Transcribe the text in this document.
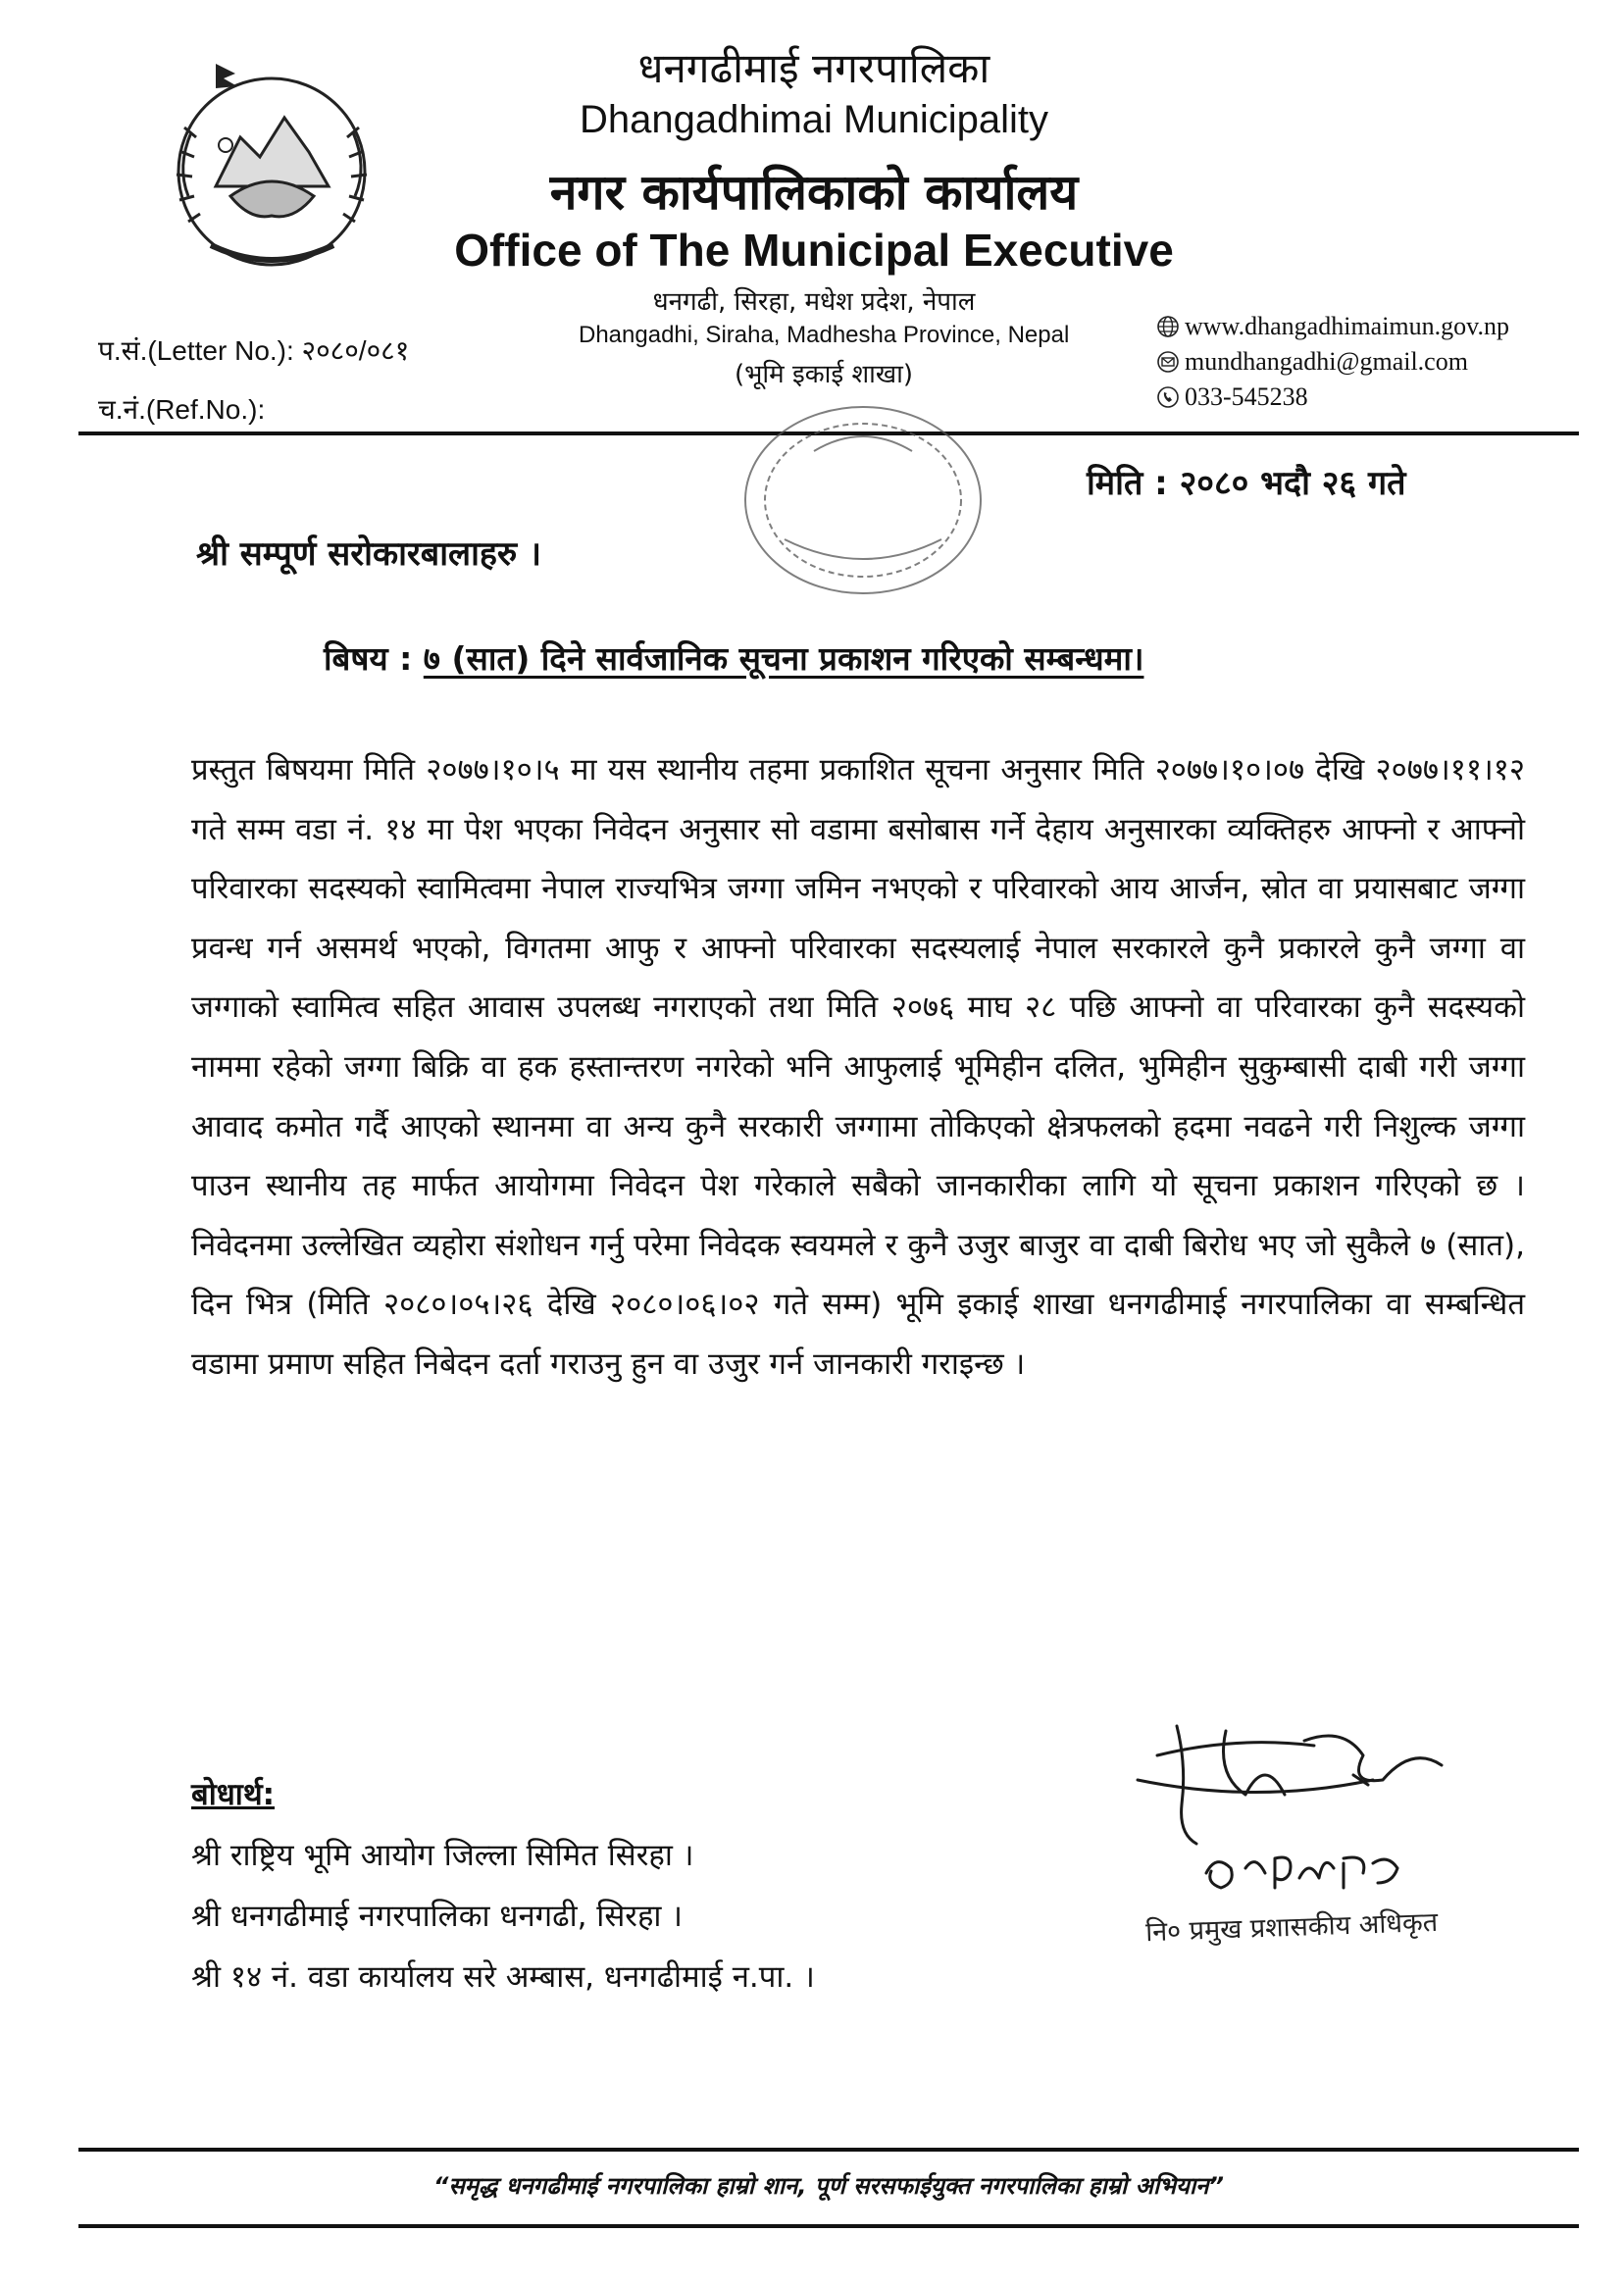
धनगढीमाई नगरपालिका
Dhangadhimai Municipality
नगर कार्यपालिकाको कार्यालय
Office of The Municipal Executive
धनगढी, सिरहा, मधेश प्रदेश, नेपाल
Dhangadhi, Siraha, Madhesha Province, Nepal
(भूमि इकाई शाखा)
प.सं.(Letter No.): २०८०/०८१
च.नं.(Ref.No.):
www.dhangadhimaimun.gov.np
mundhangadhi@gmail.com
033-545238
मिति : २०८० भदौ २६ गते
श्री सम्पूर्ण सरोकारबालाहरु ।
बिषय : ७ (सात) दिने सार्वजानिक सूचना प्रकाशन गरिएको सम्बन्धमा।
प्रस्तुत बिषयमा मिति २०७७।१०।५ मा यस स्थानीय तहमा प्रकाशित सूचना अनुसार मिति २०७७।१०।०७ देखि २०७७।११।१२ गते सम्म वडा नं. १४ मा पेश भएका निवेदन अनुसार सो वडामा बसोबास गर्ने देहाय अनुसारका व्यक्तिहरु आफ्नो र आफ्नो परिवारका सदस्यको स्वामित्वमा नेपाल राज्यभित्र जग्गा जमिन नभएको र परिवारको आय आर्जन, स्रोत वा प्रयासबाट जग्गा प्रवन्ध गर्न असमर्थ भएको, विगतमा आफु र आफ्नो परिवारका सदस्यलाई नेपाल सरकारले कुनै प्रकारले कुनै जग्गा वा जग्गाको स्वामित्व सहित आवास उपलब्ध नगराएको तथा मिति २०७६ माघ २८ पछि आफ्नो वा परिवारका कुनै सदस्यको नाममा रहेको जग्गा बिक्रि वा हक हस्तान्तरण नगरेको भनि आफुलाई भूमिहीन दलित, भुमिहीन सुकुम्बासी दाबी गरी जग्गा आवाद कमोत गर्दै आएको स्थानमा वा अन्य कुनै सरकारी जग्गामा तोकिएको क्षेत्रफलको हदमा नवढने गरी निशुल्क जग्गा पाउन स्थानीय तह मार्फत आयोगमा निवेदन पेश गरेकाले सबैको जानकारीका लागि यो सूचना प्रकाशन गरिएको छ । निवेदनमा उल्लेखित व्यहोरा संशोधन गर्नु परेमा निवेदक स्वयमले र कुनै उजुर बाजुर वा दाबी बिरोध भए जो सुकैले ७ (सात), दिन भित्र (मिति २०८०।०५।२६ देखि २०८०।०६।०२ गते सम्म) भूमि इकाई शाखा धनगढीमाई नगरपालिका वा सम्बन्धित वडामा प्रमाण सहित निबेदन दर्ता गराउनु हुन वा उजुर गर्न जानकारी गराइन्छ ।
बोधार्थ:
श्री राष्ट्रिय भूमि आयोग जिल्ला सिमित सिरहा ।
श्री धनगढीमाई नगरपालिका धनगढी, सिरहा ।
श्री १४ नं. वडा कार्यालय सरे अम्बास, धनगढीमाई न.पा. ।
नि० प्रमुख प्रशासकीय अधिकृत
“समृद्ध धनगढीमाई नगरपालिका हाम्रो शान, पूर्ण सरसफाईयुक्त नगरपालिका हाम्रो अभियान”
